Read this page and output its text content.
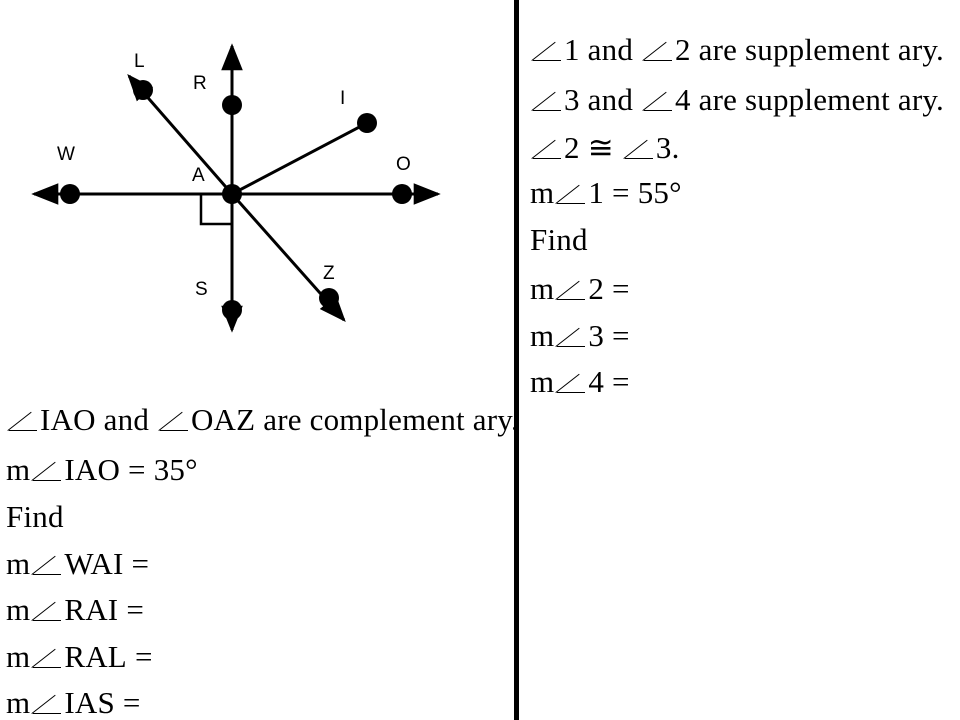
L
R
I
W	O
A
Z
S
IAO and OAZ are complement ary.
m IAO = 35°
Find
m WAI =
m RAI =
m RAL =
m IAS =
1 and 2 are supplement ary.
3 and 4 are supplement ary.
2 ≅ 3.
m 1 = 55°
Find
m 2 =
m 3 =
m 4 =
